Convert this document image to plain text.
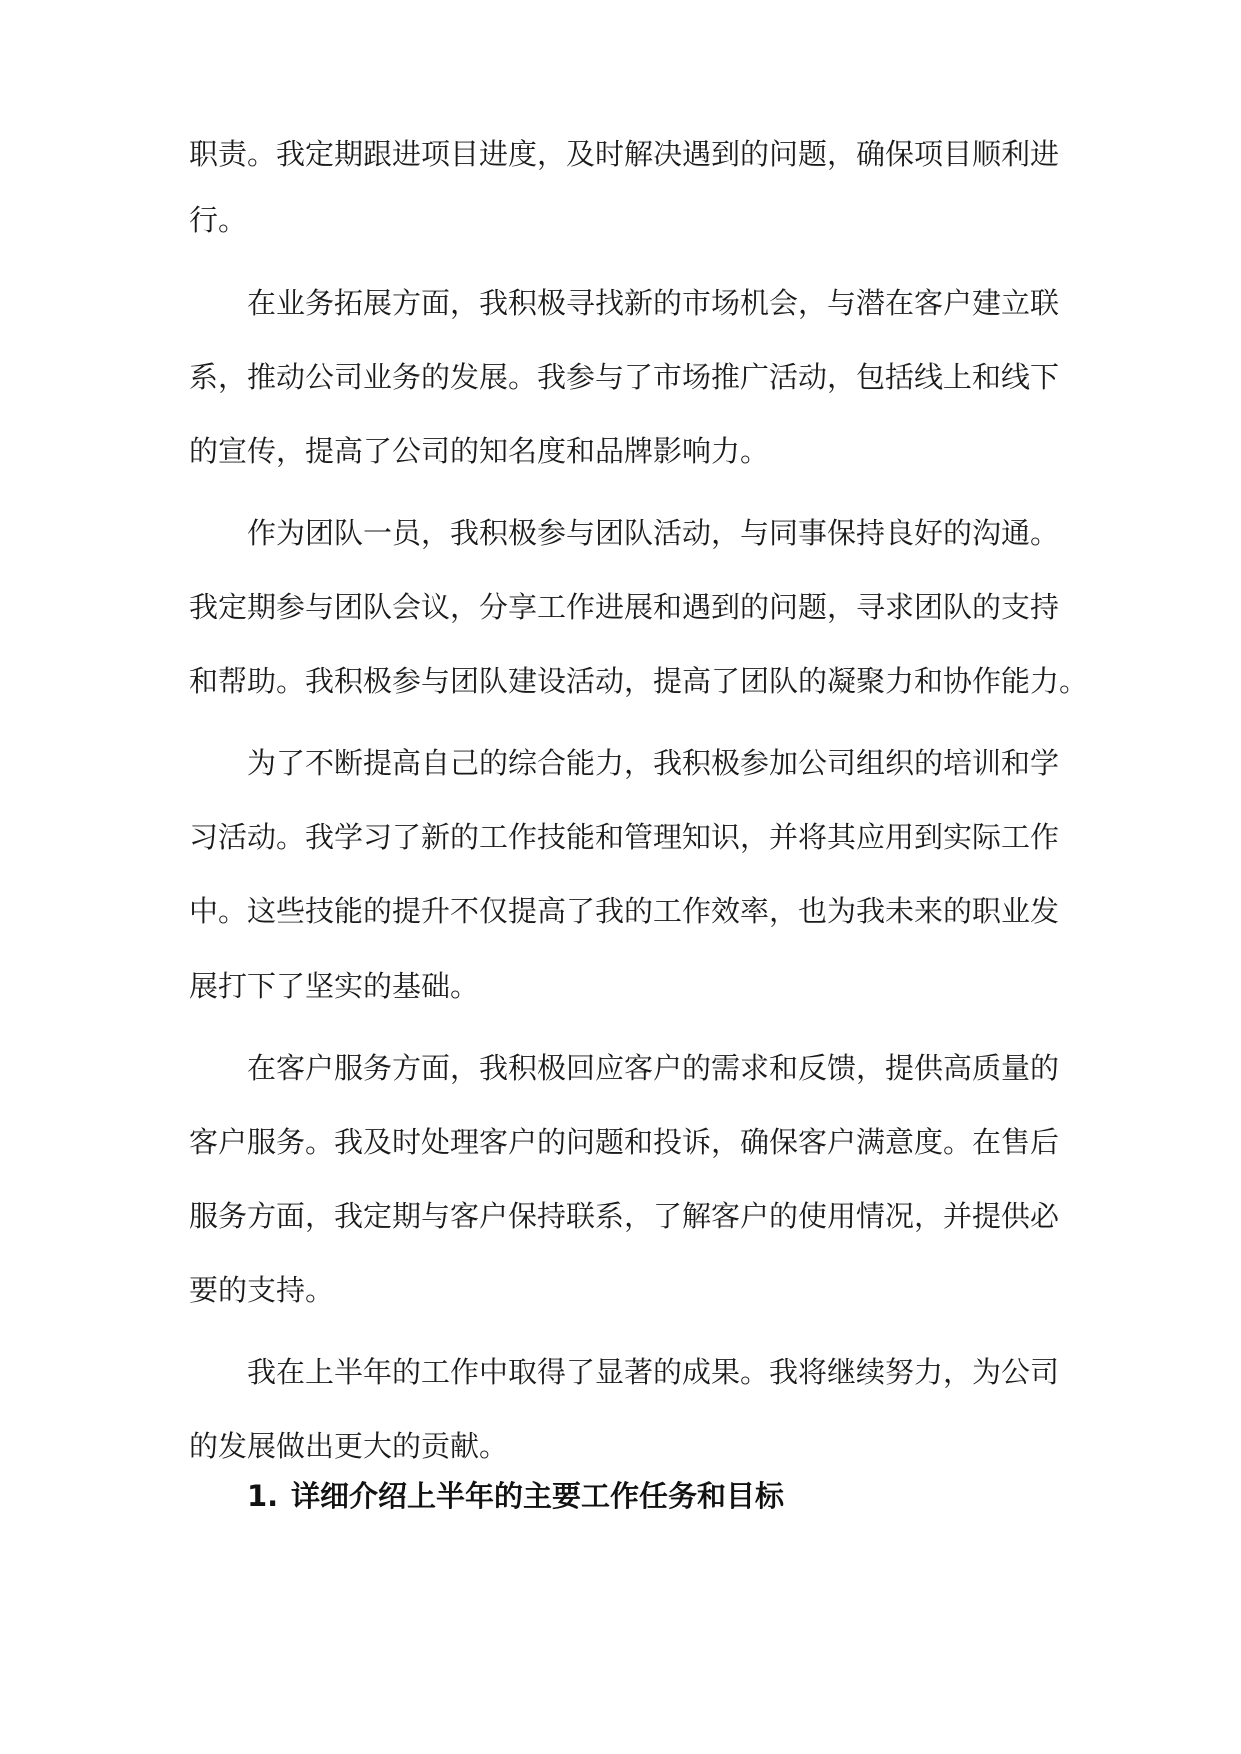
职责。我定期跟进项目进度，及时解决遇到的问题，确保项目顺利进
行。
在业务拓展方面，我积极寻找新的市场机会，与潜在客户建立联
系，推动公司业务的发展。我参与了市场推广活动，包括线上和线下
的宣传，提高了公司的知名度和品牌影响力。
作为团队一员，我积极参与团队活动，与同事保持良好的沟通。
我定期参与团队会议，分享工作进展和遇到的问题，寻求团队的支持
和帮助。我积极参与团队建设活动，提高了团队的凝聚力和协作能力。
为了不断提高自己的综合能力，我积极参加公司组织的培训和学
习活动。我学习了新的工作技能和管理知识，并将其应用到实际工作
中。这些技能的提升不仅提高了我的工作效率，也为我未来的职业发
展打下了坚实的基础。
在客户服务方面，我积极回应客户的需求和反馈，提供高质量的
客户服务。我及时处理客户的问题和投诉，确保客户满意度。在售后
服务方面，我定期与客户保持联系，了解客户的使用情况，并提供必
要的支持。
我在上半年的工作中取得了显著的成果。我将继续努力，为公司
的发展做出更大的贡献。
1. 详细介绍上半年的主要工作任务和目标
